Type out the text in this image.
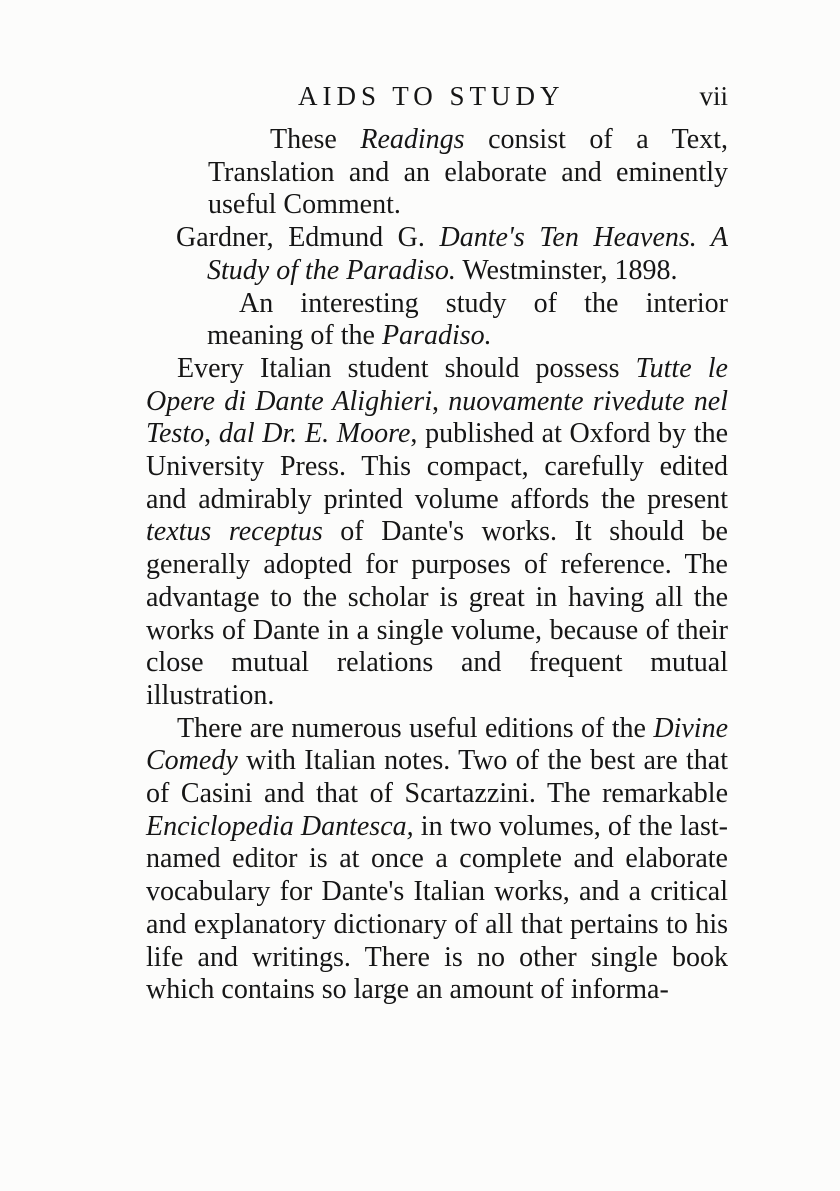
AIDS TO STUDY	vii

These Readings consist of a Text, Translation and an elaborate and eminently useful Comment.

Gardner, Edmund G. Dante's Ten Heavens. A Study of the Paradiso. Westminster, 1898.

An interesting study of the interior meaning of the Paradiso.

Every Italian student should possess Tutte le Opere di Dante Alighieri, nuovamente rivedute nel Testo, dal Dr. E. Moore, published at Oxford by the University Press. This compact, carefully edited and admirably printed volume affords the present textus receptus of Dante's works. It should be generally adopted for purposes of reference. The advantage to the scholar is great in having all the works of Dante in a single volume, because of their close mutual relations and frequent mutual illustration.

There are numerous useful editions of the Divine Comedy with Italian notes. Two of the best are that of Casini and that of Scartazzini. The remarkable Enciclopedia Dantesca, in two volumes, of the last-named editor is at once a complete and elaborate vocabulary for Dante's Italian works, and a critical and explanatory dictionary of all that pertains to his life and writings. There is no other single book which contains so large an amount of informa-
